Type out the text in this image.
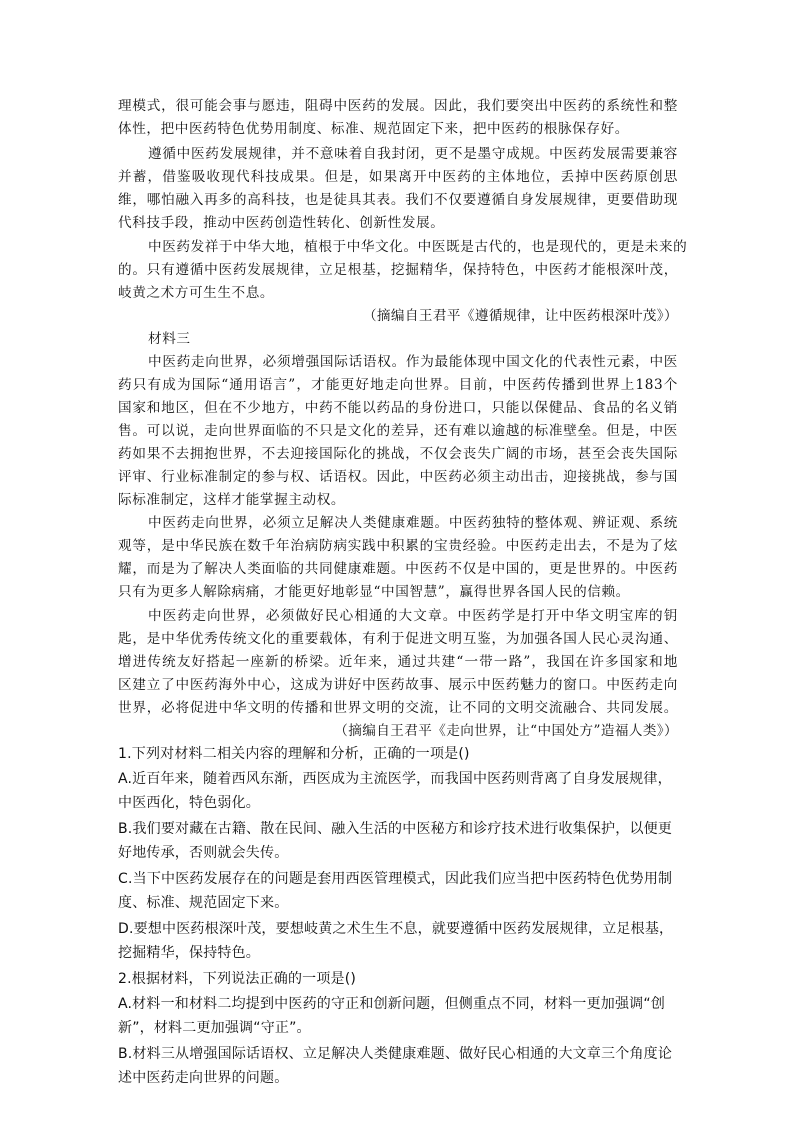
理模式，很可能会事与愿违，阻碍中医药的发展。因此，我们要突出中医药的系统性和整
体性，把中医药特色优势用制度、标准、规范固定下来，把中医药的根脉保存好。
遵循中医药发展规律，并不意味着自我封闭，更不是墨守成规。中医药发展需要兼容
并蓄，借鉴吸收现代科技成果。但是，如果离开中医药的主体地位，丢掉中医药原创思
维，哪怕融入再多的高科技，也是徒具其表。我们不仅要遵循自身发展规律，更要借助现
代科技手段，推动中医药创造性转化、创新性发展。
中医药发祥于中华大地，植根于中华文化。中医既是古代的，也是现代的，更是未来的
的。只有遵循中医药发展规律，立足根基，挖掘精华，保持特色，中医药才能根深叶茂，
岐黄之术方可生生不息。
（摘编自王君平《遵循规律，让中医药根深叶茂》）
材料三
中医药走向世界，必须增强国际话语权。作为最能体现中国文化的代表性元素，中医
药只有成为国际“通用语言”，才能更好地走向世界。目前，中医药传播到世界上183个
国家和地区，但在不少地方，中药不能以药品的身份进口，只能以保健品、食品的名义销
售。可以说，走向世界面临的不只是文化的差异，还有难以逾越的标准壁垒。但是，中医
药如果不去拥抱世界，不去迎接国际化的挑战，不仅会丧失广阔的市场，甚至会丧失国际
评审、行业标准制定的参与权、话语权。因此，中医药必须主动出击，迎接挑战，参与国
际标准制定，这样才能掌握主动权。
中医药走向世界，必须立足解决人类健康难题。中医药独特的整体观、辨证观、系统
观等，是中华民族在数千年治病防病实践中积累的宝贵经验。中医药走出去，不是为了炫
耀，而是为了解决人类面临的共同健康难题。中医药不仅是中国的，更是世界的。中医药
只有为更多人解除病痛，才能更好地彰显“中国智慧”，赢得世界各国人民的信赖。
中医药走向世界，必须做好民心相通的大文章。中医药学是打开中华文明宝库的钥
匙，是中华优秀传统文化的重要载体，有利于促进文明互鉴，为加强各国人民心灵沟通、
增进传统友好搭起一座新的桥梁。近年来，通过共建“一带一路”，我国在许多国家和地
区建立了中医药海外中心，这成为讲好中医药故事、展示中医药魅力的窗口。中医药走向
世界，必将促进中华文明的传播和世界文明的交流，让不同的文明交流融合、共同发展。
（摘编自王君平《走向世界，让“中国处方”造福人类》）
1.下列对材料二相关内容的理解和分析，正确的一项是()
A.近百年来，随着西风东渐，西医成为主流医学，而我国中医药则背离了自身发展规律，
中医西化，特色弱化。
B.我们要对藏在古籍、散在民间、融入生活的中医秘方和诊疗技术进行收集保护，以便更
好地传承，否则就会失传。
C.当下中医药发展存在的问题是套用西医管理模式，因此我们应当把中医药特色优势用制
度、标准、规范固定下来。
D.要想中医药根深叶茂，要想岐黄之术生生不息，就要遵循中医药发展规律，立足根基，
挖掘精华，保持特色。
2.根据材料，下列说法正确的一项是()
A.材料一和材料二均提到中医药的守正和创新问题，但侧重点不同，材料一更加强调“创
新”，材料二更加强调“守正”。
B.材料三从增强国际话语权、立足解决人类健康难题、做好民心相通的大文章三个角度论
述中医药走向世界的问题。
